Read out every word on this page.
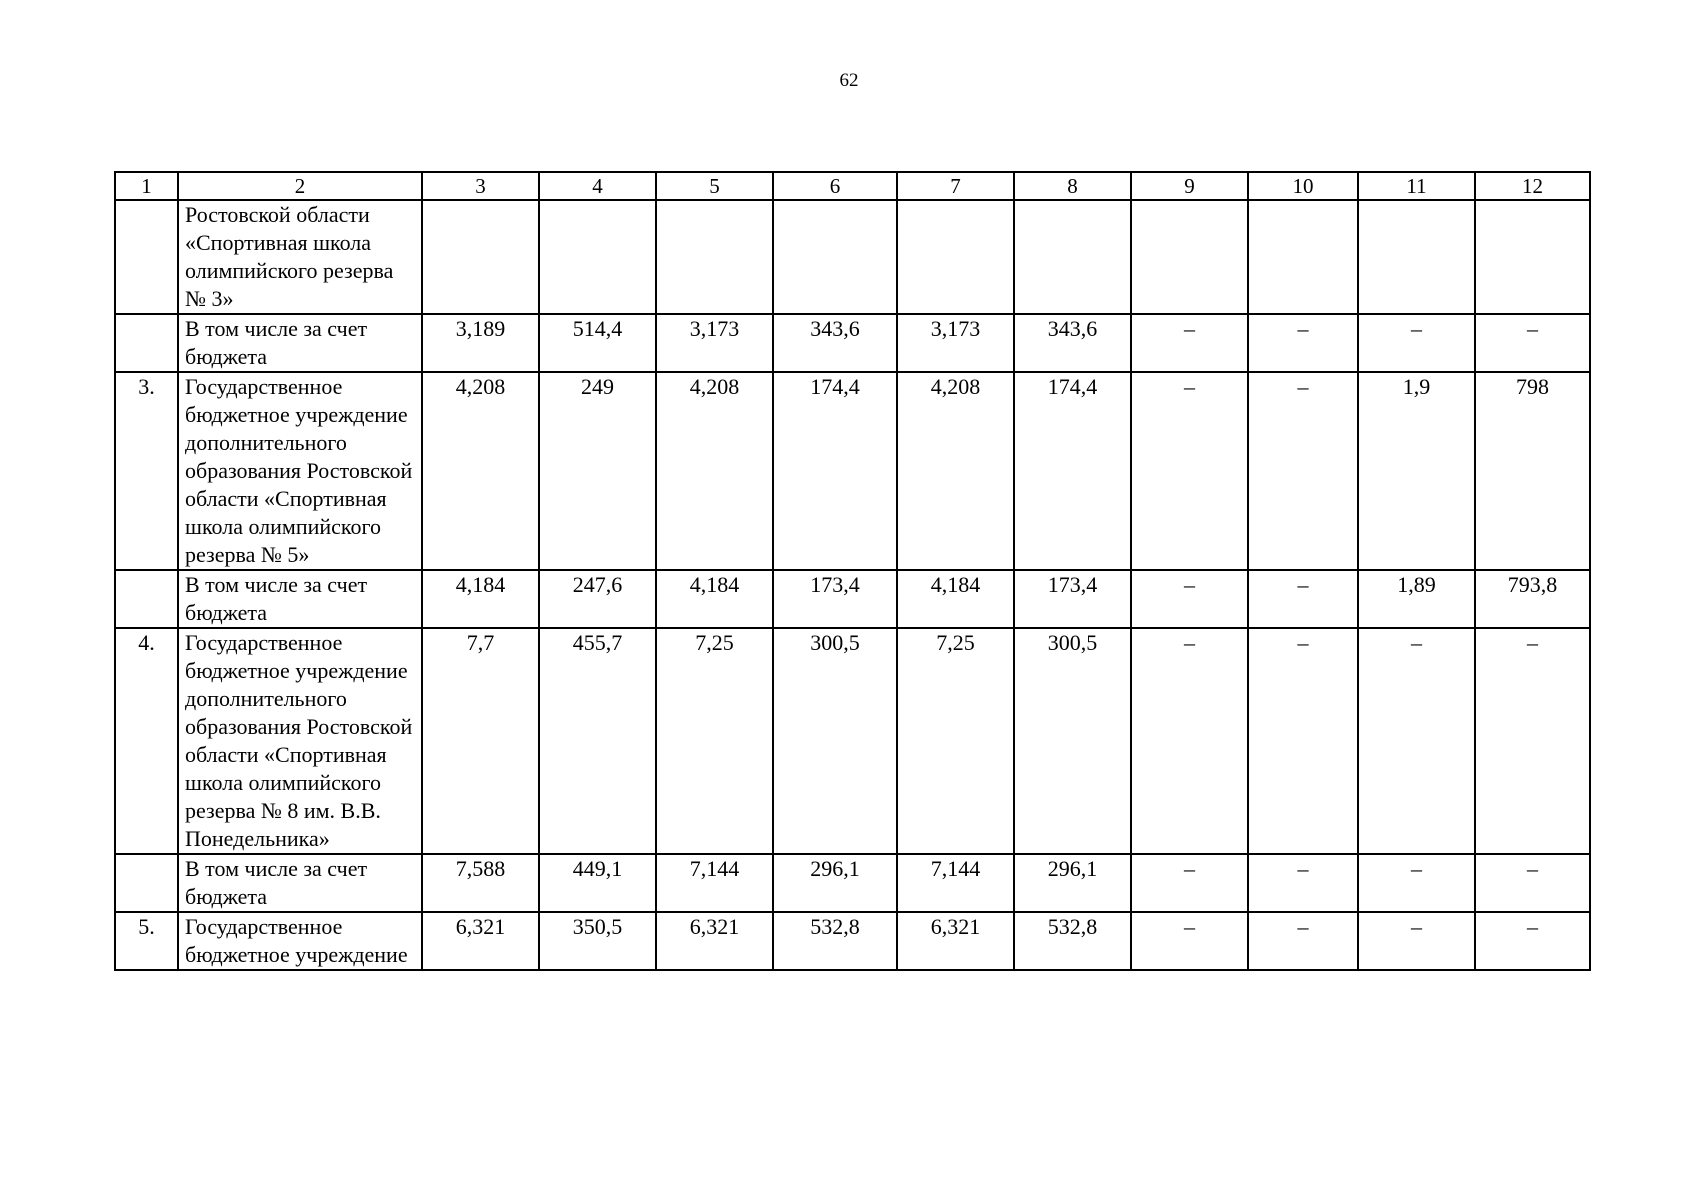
62
1	2	3	4	5	6	7	8	9	10	11	12
	Ростовской области «Спортивная школа олимпийского резерва № 3»										
	В том числе за счет бюджета	3,189	514,4	3,173	343,6	3,173	343,6	–	–	–	–
3.	Государственное бюджетное учреждение дополнительного образования Ростовской области «Спортивная школа олимпийского резерва № 5»	4,208	249	4,208	174,4	4,208	174,4	–	–	1,9	798
	В том числе за счет бюджета	4,184	247,6	4,184	173,4	4,184	173,4	–	–	1,89	793,8
4.	Государственное бюджетное учреждение дополнительного образования Ростовской области «Спортивная школа олимпийского резерва № 8 им. В.В. Понедельника»	7,7	455,7	7,25	300,5	7,25	300,5	–	–	–	–
	В том числе за счет бюджета	7,588	449,1	7,144	296,1	7,144	296,1	–	–	–	–
5.	Государственное бюджетное учреждение	6,321	350,5	6,321	532,8	6,321	532,8	–	–	–	–
